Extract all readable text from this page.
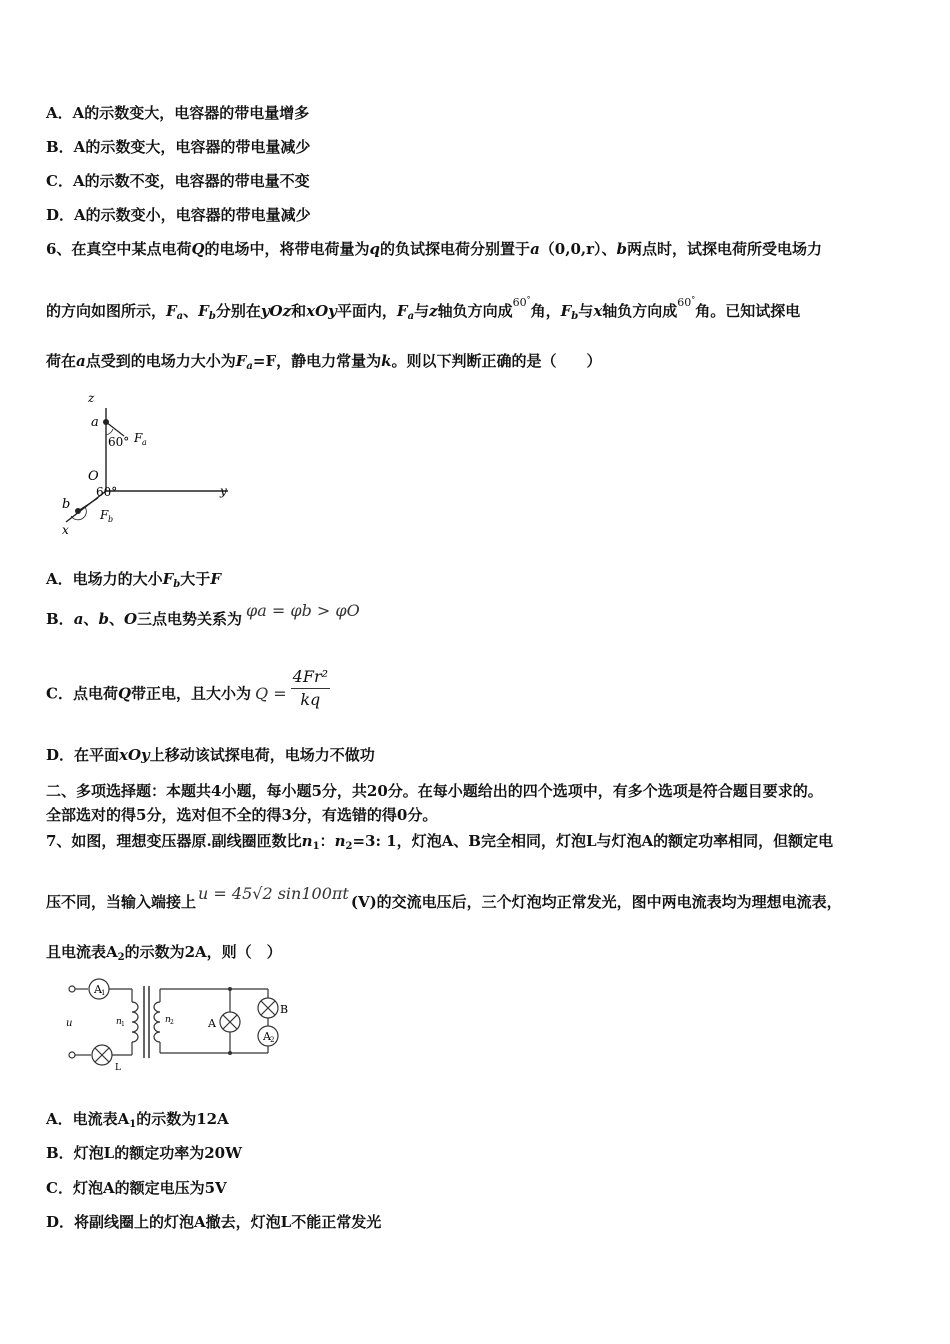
A．A的示数变大，电容器的带电量增多
B．A的示数变大，电容器的带电量减少
C．A的示数不变，电容器的带电量不变
D．A的示数变小，电容器的带电量减少
6、在真空中某点电荷Q的电场中，将带电荷量为q的负试探电荷分别置于a（0,0,r）、b两点时，试探电荷所受电场力
的方向如图所示，$F_a$、$F_b$分别在yOz和xOy平面内，$F_a$与z轴负方向成$^{60^\circ}$角，$F_b$与x轴负方向成$^{60^\circ}$角。已知试探电
荷在a点受到的电场力大小为$F_a=F$，静电力常量为k。则以下判断正确的是（　　）
z
a
60° F a
O
y
b
60°
F b
x
A．电场力的大小$F_b$大于F
B．a、b、O三点电势关系为 φa = φb > φO
C．点电荷Q带正电，且大小为 $Q = \frac{\text{4Fr²}}{kq}$
D．在平面xOy上移动该试探电荷，电场力不做功
二、多项选择题：本题共4小题，每小题5分，共20分。在每小题给出的四个选项中，有多个选项是符合题目要求的。
全部选对的得5分，选对但不全的得3分，有选错的得0分。
7、如图，理想变压器原.副线圈匝数比$n_1$：$n_2=3$: 1，灯泡A、B完全相同，灯泡L与灯泡A的额定功率相同，但额定电
压不同，当输入端接上 u = 45√2 sin100πt (V)的交流电压后，三个灯泡均正常发光，图中两电流表均为理想电流表，
且电流表$A_2$的示数为2A，则（　）
A 1
u	n 1	n 2	A
B
A 2
L
A．电流表$A_1$的示数为12A
B．灯泡L的额定功率为20W
C．灯泡A的额定电压为5V
D．将副线圈上的灯泡A撤去，灯泡L不能正常发光
